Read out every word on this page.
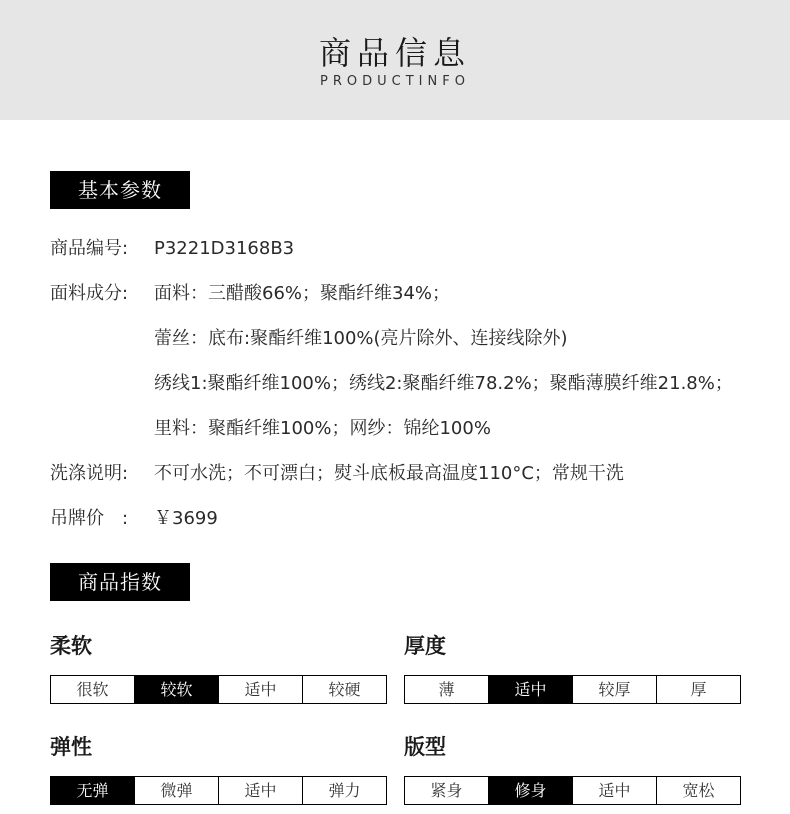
商品信息
PRODUCTINFO
基本参数
商品编号: P3221D3168B3
面料成分: 面料：三醋酸66%；聚酯纤维34%；
蕾丝：底布:聚酯纤维100%(亮片除外、连接线除外)
绣线1:聚酯纤维100%；绣线2:聚酯纤维78.2%；聚酯薄膜纤维21.8%；
里料：聚酯纤维100%；网纱：锦纶100%
洗涤说明: 不可水洗；不可漂白；熨斗底板最高温度110°C；常规干洗
吊牌价　: ￥3699
商品指数
柔软
很软	较软	适中	较硬
厚度
薄	适中	较厚	厚
弹性
无弹	微弹	适中	弹力
版型
紧身	修身	适中	宽松
